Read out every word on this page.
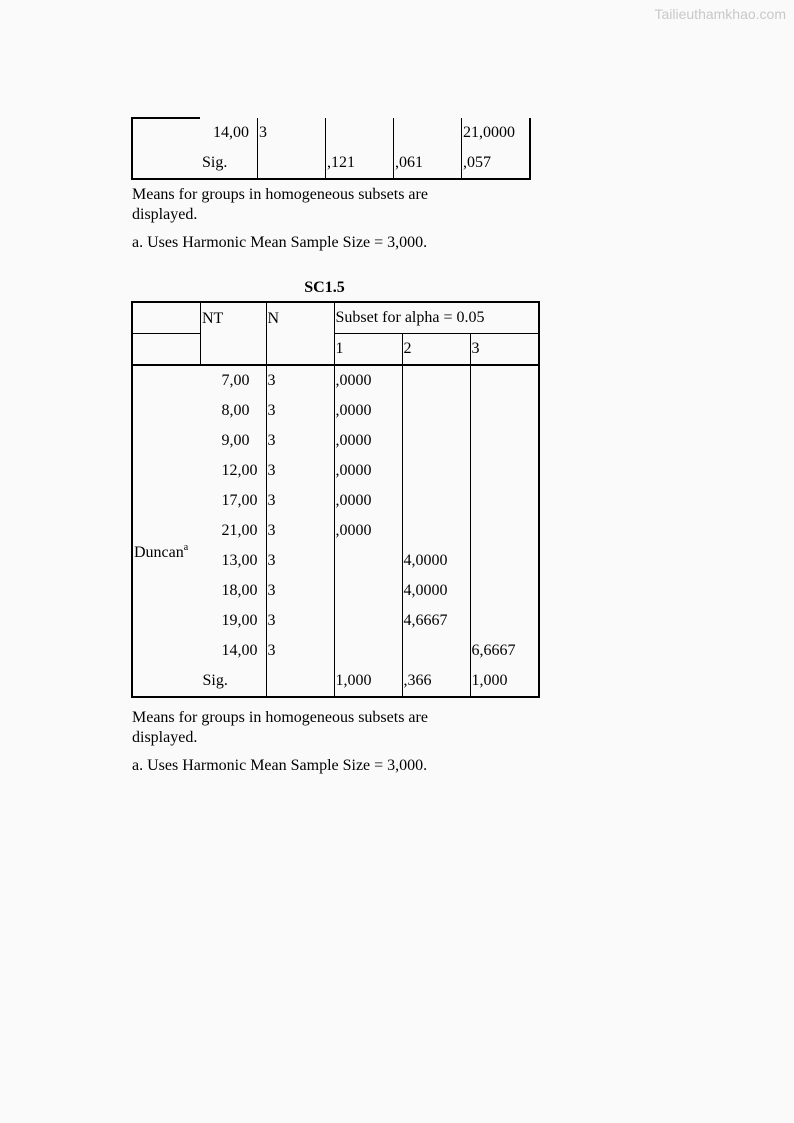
Tailieuthamkhao.com
	14,00	3			21,0000
	Sig.		,121	,061	,057
Means for groups in homogeneous subsets are
displayed.
a. Uses Harmonic Mean Sample Size = 3,000.
SC1.5
	NT	N	Subset for alpha = 0.05		
			1	2	3
Duncan$^a$	7,00	3	,0000		
	8,00	3	,0000		
	9,00	3	,0000		
	12,00	3	,0000		
	17,00	3	,0000		
	21,00	3	,0000		
	13,00	3		4,0000	
	18,00	3		4,0000	
	19,00	3		4,6667	
	14,00	3			6,6667
	Sig.		1,000	,366	1,000
Means for groups in homogeneous subsets are
displayed.
a. Uses Harmonic Mean Sample Size = 3,000.
